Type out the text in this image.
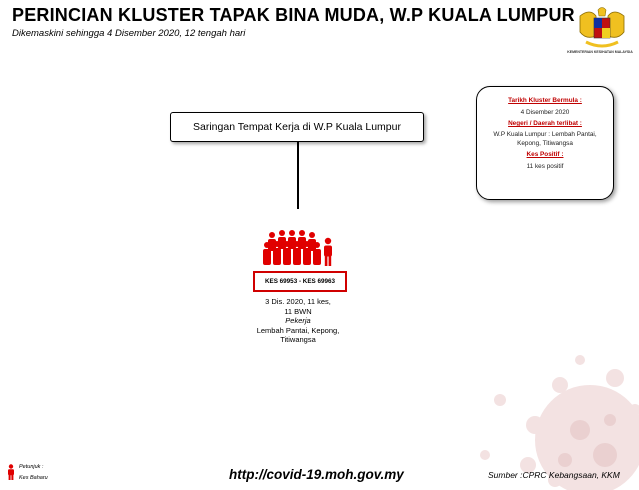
PERINCIAN KLUSTER TAPAK BINA MUDA, W.P KUALA LUMPUR
Dikemaskini sehingga 4 Disember 2020, 12 tengah hari
KEMENTERIAN KESIHATAN MALAYSIA
Saringan Tempat Kerja di W.P Kuala Lumpur
Tarikh Kluster Bermula :
4 Disember 2020
Negeri / Daerah terlibat :
W.P Kuala Lumpur : Lembah Pantai,
Kepong, Titiwangsa
Kes Positif :
11 kes positif
KES 69953 - KES 69963
3 Dis. 2020, 11 kes,
11 BWN
Pekerja
Lembah Pantai, Kepong,
Titiwangsa
Petunjuk :
Kes Baharu	http://covid-19.moh.gov.my	Sumber :CPRC Kebangsaan, KKM
